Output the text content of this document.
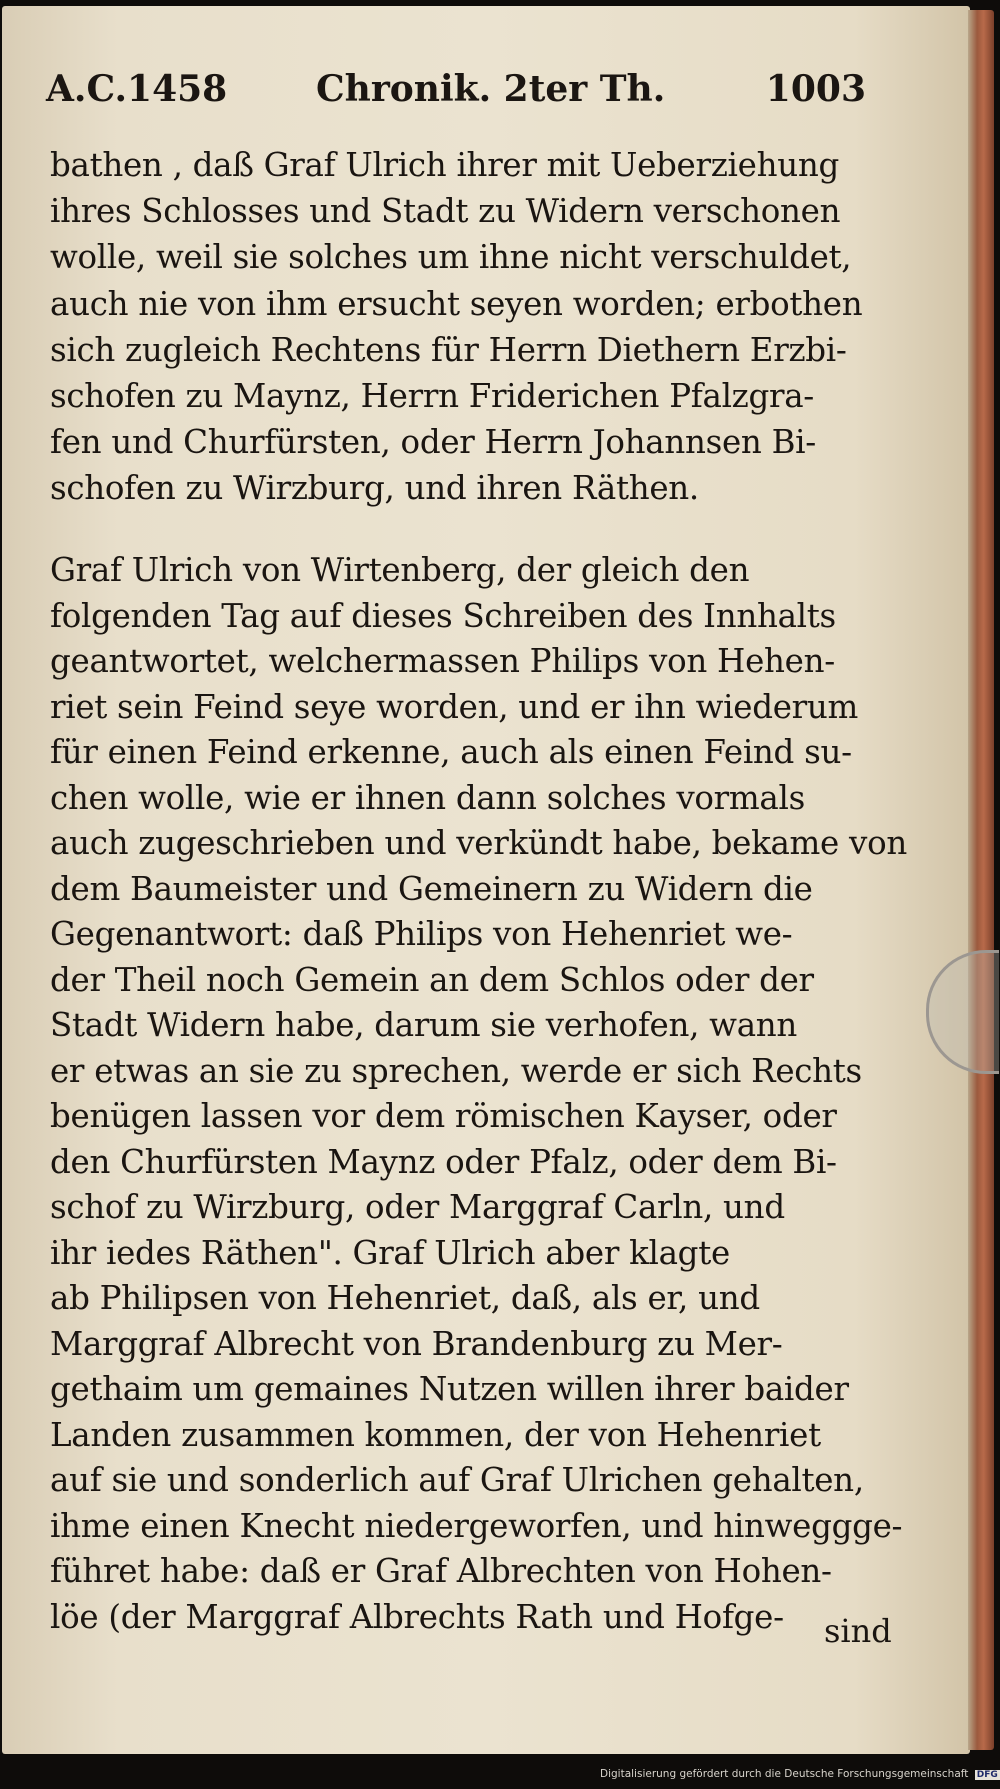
A.C.1458 Chronik. 2ter Th.	1003
bathen , daß Graf Ulrich ihrer mit Ueberziehung
ihres Schlosses und Stadt zu Widern verschonen
wolle, weil sie solches um ihne nicht verschuldet,
auch nie von ihm ersucht seyen worden; erbothen
sich zugleich Rechtens für Herrn Diethern Erzbi-
schofen zu Maynz, Herrn Friderichen Pfalzgra-
fen und Churfürsten, oder Herrn Johannsen Bi-
schofen zu Wirzburg, und ihren Räthen.
Graf Ulrich von Wirtenberg, der gleich den
folgenden Tag auf dieses Schreiben des Innhalts
geantwortet, welchermassen Philips von Hehen-
riet sein Feind seye worden, und er ihn wiederum
für einen Feind erkenne, auch als einen Feind su-
chen wolle, wie er ihnen dann solches vormals
auch zugeschrieben und verkündt habe, bekame von
dem Baumeister und Gemeinern zu Widern die
Gegenantwort: daß Philips von Hehenriet we-
der Theil noch Gemein an dem Schlos oder der
Stadt Widern habe, darum sie verhofen, wann
er etwas an sie zu sprechen, werde er sich Rechts
benügen lassen vor dem römischen Kayser, oder
den Churfürsten Maynz oder Pfalz, oder dem Bi-
schof zu Wirzburg, oder Marggraf Carln, und
ihr iedes Räthen". Graf Ulrich aber klagte
ab Philipsen von Hehenriet, daß, als er, und
Marggraf Albrecht von Brandenburg zu Mer-
gethaim um gemaines Nutzen willen ihrer baider
Landen zusammen kommen, der von Hehenriet
auf sie und sonderlich auf Graf Ulrichen gehalten,
ihme einen Knecht niedergeworfen, und hinweggge-
führet habe: daß er Graf Albrechten von Hohen-
löe (der Marggraf Albrechts Rath und Hofge-	sind
Digitalisierung gefördert durch die Deutsche Forschungsgemeinschaft DFG
